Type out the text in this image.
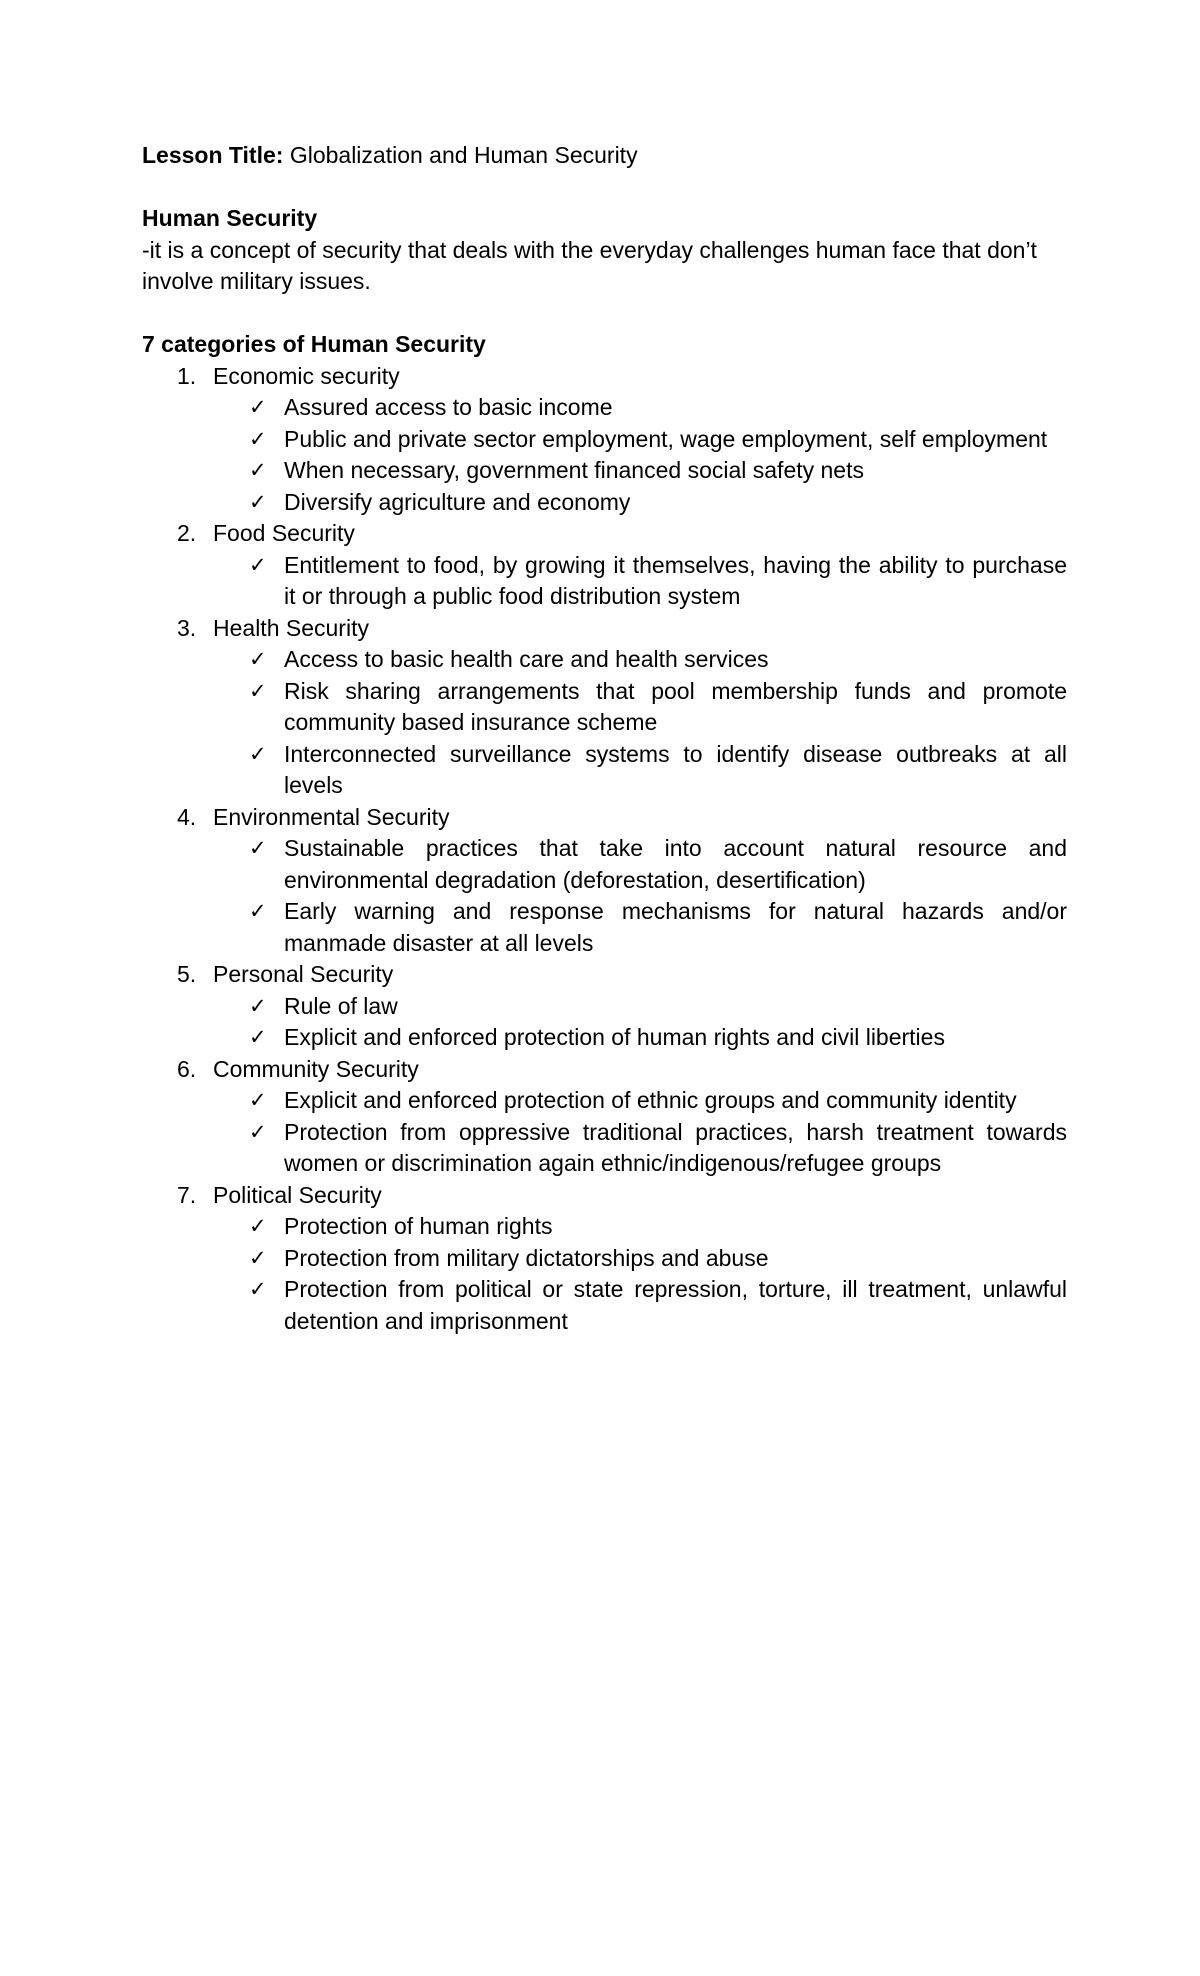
Lesson Title: Globalization and Human Security
Human Security
-it is a concept of security that deals with the everyday challenges human face that don’t involve military issues.
7 categories of Human Security
1. Economic security
✓ Assured access to basic income
✓ Public and private sector employment, wage employment, self employment
✓ When necessary, government financed social safety nets
✓ Diversify agriculture and economy
2. Food Security
✓ Entitlement to food, by growing it themselves, having the ability to purchase it or through a public food distribution system
3. Health Security
✓ Access to basic health care and health services
✓ Risk sharing arrangements that pool membership funds and promote community based insurance scheme
✓ Interconnected surveillance systems to identify disease outbreaks at all levels
4. Environmental Security
✓ Sustainable practices that take into account natural resource and environmental degradation (deforestation, desertification)
✓ Early warning and response mechanisms for natural hazards and/or manmade disaster at all levels
5. Personal Security
✓ Rule of law
✓ Explicit and enforced protection of human rights and civil liberties
6. Community Security
✓ Explicit and enforced protection of ethnic groups and community identity
✓ Protection from oppressive traditional practices, harsh treatment towards women or discrimination again ethnic/indigenous/refugee groups
7. Political Security
✓ Protection of human rights
✓ Protection from military dictatorships and abuse
✓ Protection from political or state repression, torture, ill treatment, unlawful detention and imprisonment
